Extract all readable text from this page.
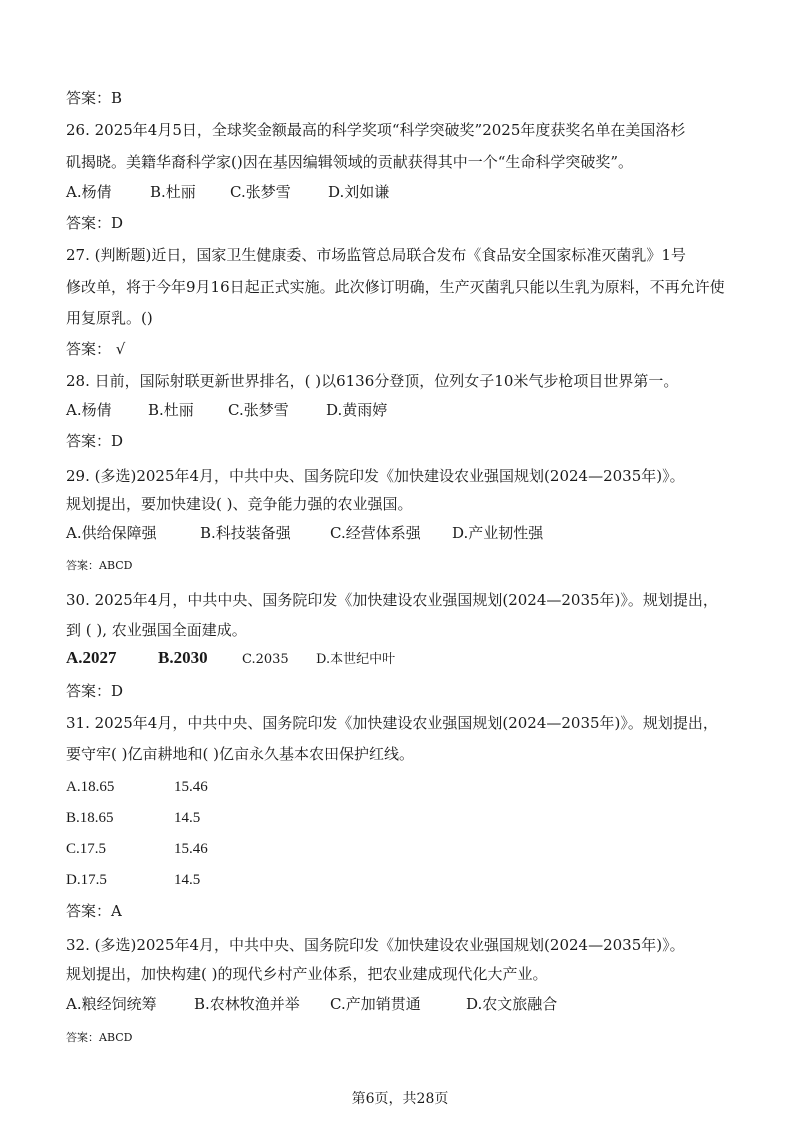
答案：B
26. 2025年4月5日，全球奖金额最高的科学奖项“科学突破奖”2025年度获奖名单在美国洛杉
矶揭晓。美籍华裔科学家()因在基因编辑领域的贡献获得其中一个“生命科学突破奖”。
A.杨倩	B.杜丽 C.张梦雪 D.刘如谦
答案：D
27. (判断题)近日，国家卫生健康委、市场监管总局联合发布《食品安全国家标准灭菌乳》1号
修改单，将于今年9月16日起正式实施。此次修订明确，生产灭菌乳只能以生乳为原料，不再允许使
用复原乳。()
答案： √
28. 日前，国际射联更新世界排名，( )以6136分登顶，位列女子10米气步枪项目世界第一。
A.杨倩 B.杜丽 C.张梦雪 D.黄雨婷
答案：D
29. (多选)2025年4月，中共中央、国务院印发《加快建设农业强国规划(2024—2035年)》。
规划提出，要加快建设( )、竞争能力强的农业强国。
A.供给保障强	B.科技装备强	C.经营体系强 D.产业韧性强
答案：ABCD
30. 2025年4月，中共中央、国务院印发《加快建设农业强国规划(2024—2035年)》。规划提出，
到 ( ), 农业强国全面建成。
A.2027 B.2030	C.2035 D.本世纪中叶
答案：D
31. 2025年4月，中共中央、国务院印发《加快建设农业强国规划(2024—2035年)》。规划提出，
要守牢( )亿亩耕地和( )亿亩永久基本农田保护红线。
A.18.65	15.46
B.18.65	14.5
C.17.5	15.46
D.17.5	14.5
答案：A
32. (多选)2025年4月，中共中央、国务院印发《加快建设农业强国规划(2024—2035年)》。
规划提出，加快构建( )的现代乡村产业体系，把农业建成现代化大产业。
A.粮经饲统筹 B.农林牧渔并举 C.产加销贯通	D.农文旅融合
答案：ABCD
第6页，共28页
